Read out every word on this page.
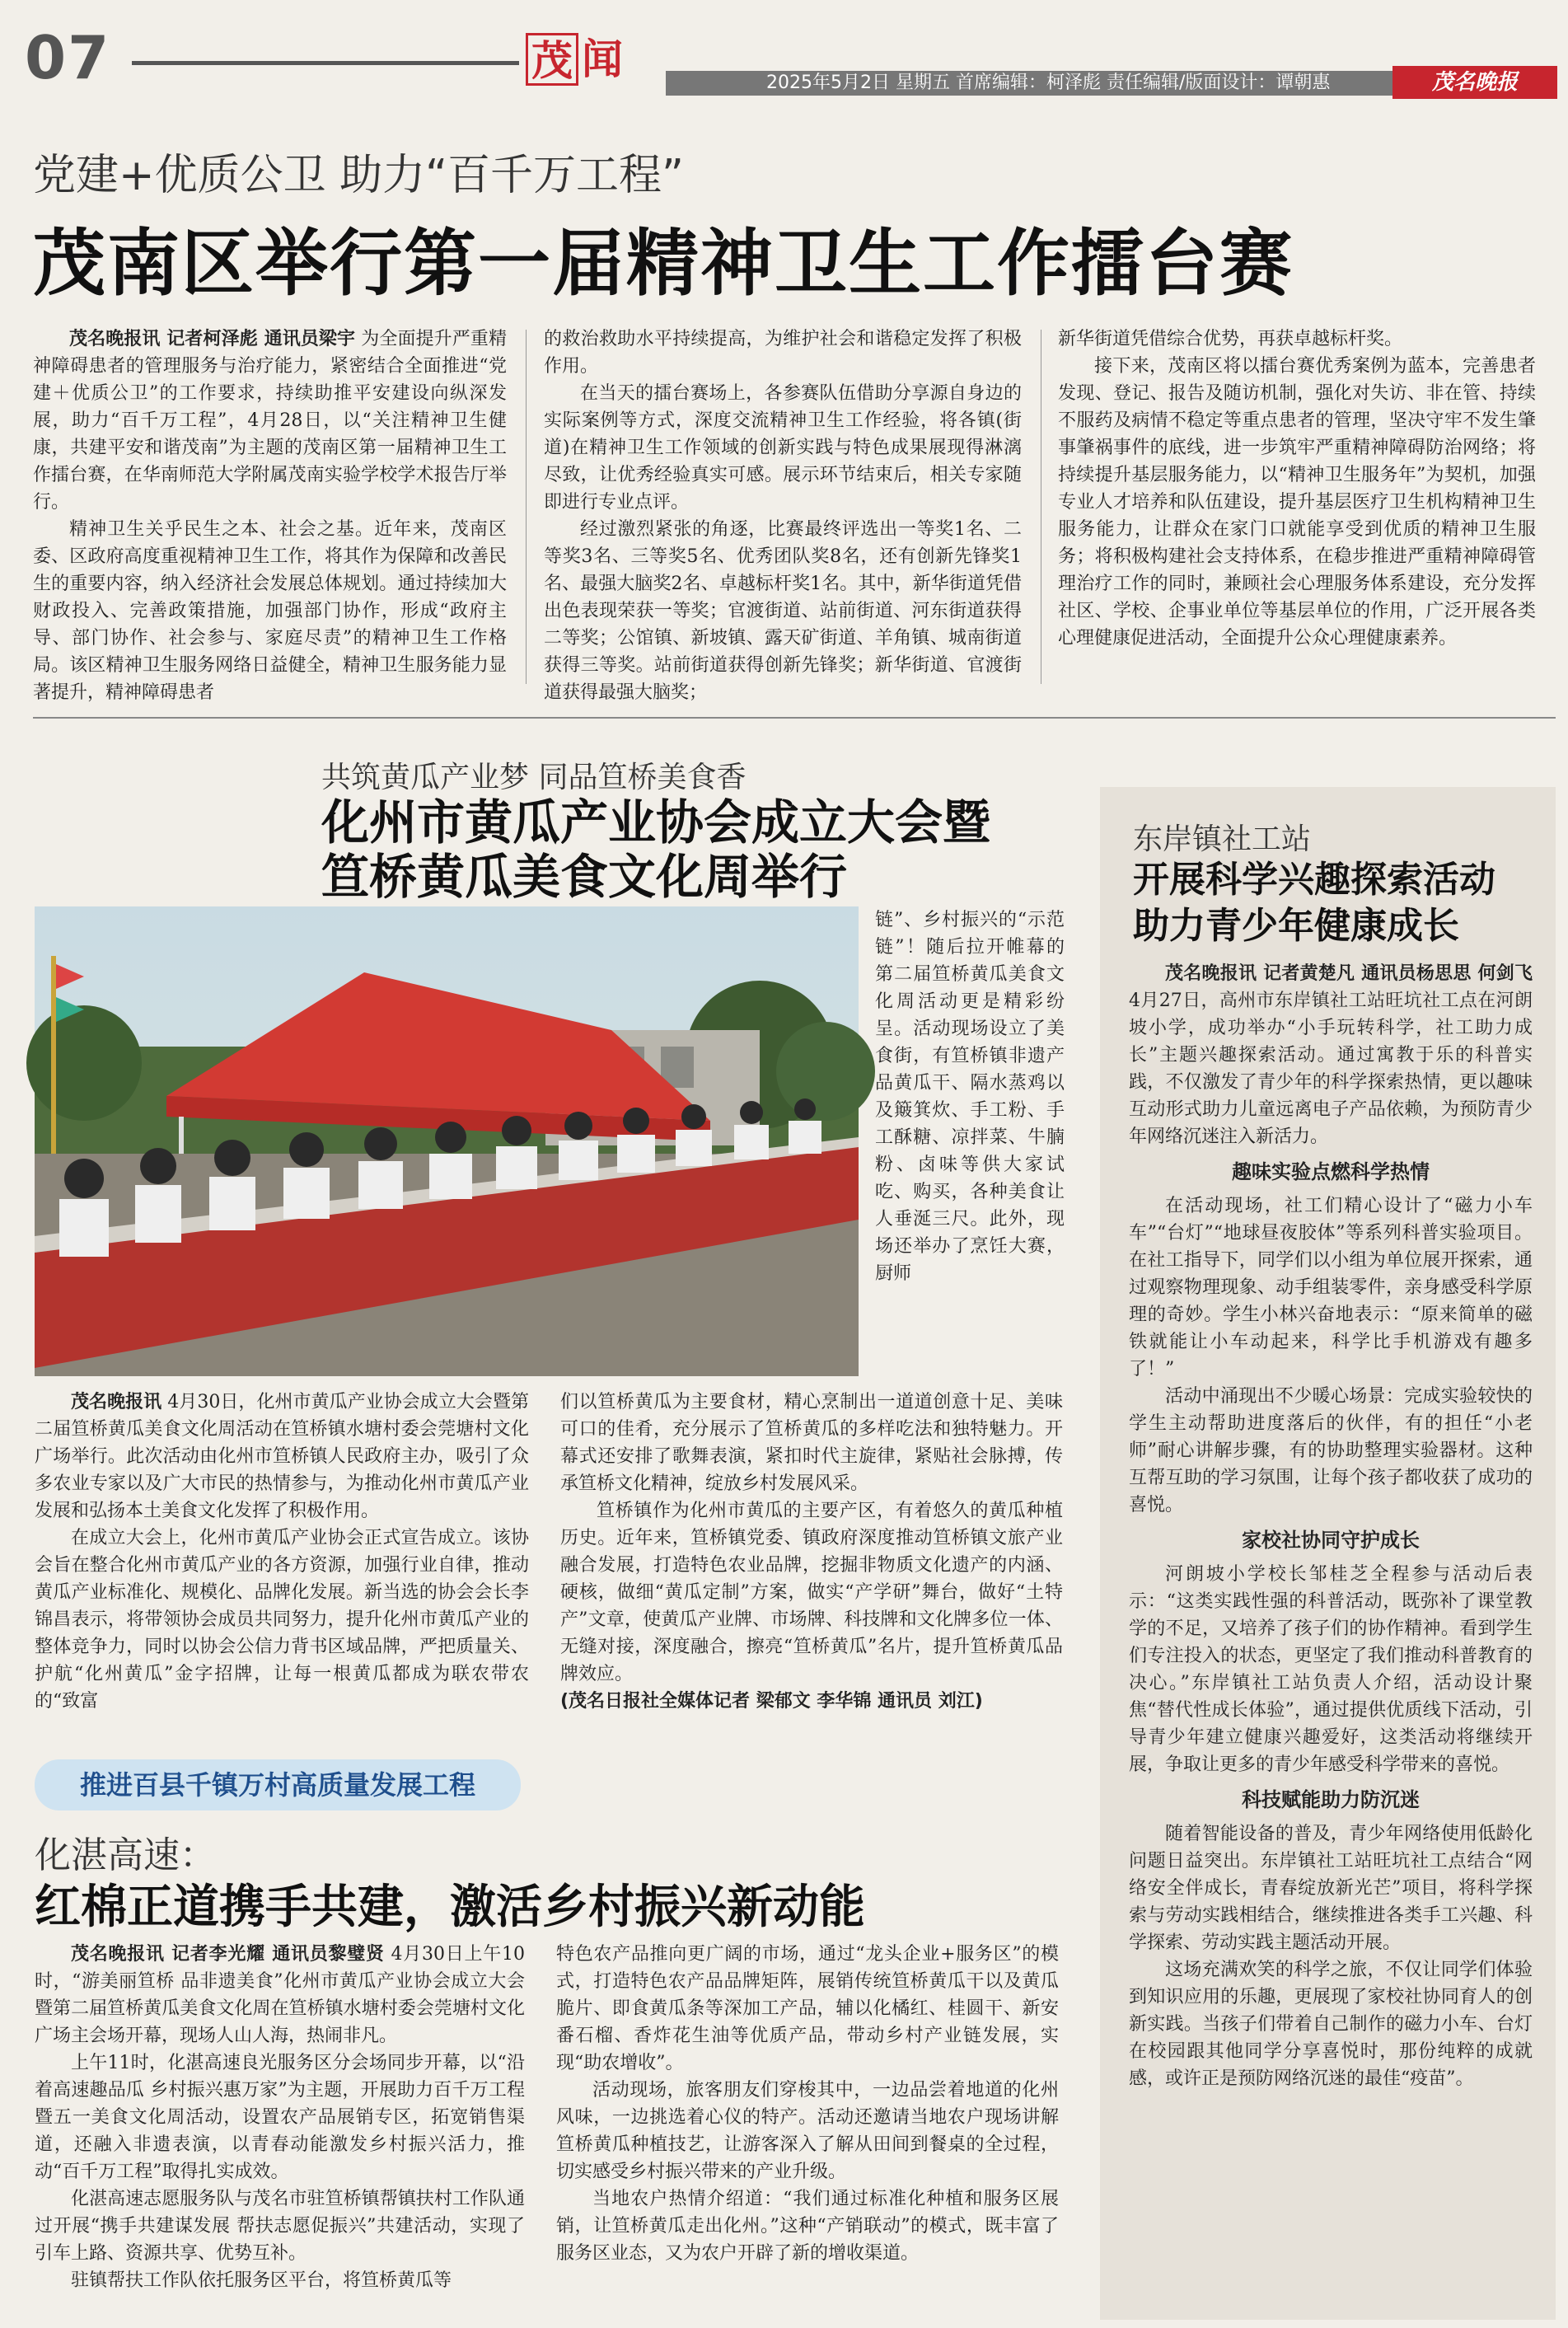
07	茂 闻	2025年5月2日 星期五 首席编辑：柯泽彪 责任编辑/版面设计：谭朝惠	茂名晚报
党建+优质公卫 助力“百千万工程”
茂南区举行第一届精神卫生工作擂台赛

茂名晚报讯 记者柯泽彪 通讯员梁宇 为全面提升严重精神障碍患者的管理服务与治疗能力，紧密结合全面推进“党建＋优质公卫”的工作要求，持续助推平安建设向纵深发展，助力“百千万工程”，4月28日，以“关注精神卫生健康，共建平安和谐茂南”为主题的茂南区第一届精神卫生工作擂台赛，在华南师范大学附属茂南实验学校学术报告厅举行。

精神卫生关乎民生之本、社会之基。近年来，茂南区委、区政府高度重视精神卫生工作，将其作为保障和改善民生的重要内容，纳入经济社会发展总体规划。通过持续加大财政投入、完善政策措施，加强部门协作，形成“政府主导、部门协作、社会参与、家庭尽责”的精神卫生工作格局。该区精神卫生服务网络日益健全，精神卫生服务能力显著提升，精神障碍患者

的救治救助水平持续提高，为维护社会和谐稳定发挥了积极作用。

在当天的擂台赛场上，各参赛队伍借助分享源自身边的实际案例等方式，深度交流精神卫生工作经验，将各镇(街道)在精神卫生工作领域的创新实践与特色成果展现得淋漓尽致，让优秀经验真实可感。展示环节结束后，相关专家随即进行专业点评。

经过激烈紧张的角逐，比赛最终评选出一等奖1名、二等奖3名、三等奖5名、优秀团队奖8名，还有创新先锋奖1名、最强大脑奖2名、卓越标杆奖1名。其中，新华街道凭借出色表现荣获一等奖；官渡街道、站前街道、河东街道获得二等奖；公馆镇、新坡镇、露天矿街道、羊角镇、城南街道获得三等奖。站前街道获得创新先锋奖；新华街道、官渡街道获得最强大脑奖；

新华街道凭借综合优势，再获卓越标杆奖。

接下来，茂南区将以擂台赛优秀案例为蓝本，完善患者发现、登记、报告及随访机制，强化对失访、非在管、持续不服药及病情不稳定等重点患者的管理，坚决守牢不发生肇事肇祸事件的底线，进一步筑牢严重精神障碍防治网络；将持续提升基层服务能力，以“精神卫生服务年”为契机，加强专业人才培养和队伍建设，提升基层医疗卫生机构精神卫生服务能力，让群众在家门口就能享受到优质的精神卫生服务；将积极构建社会支持体系，在稳步推进严重精神障碍管理治疗工作的同时，兼顾社会心理服务体系建设，充分发挥社区、学校、企事业单位等基层单位的作用，广泛开展各类心理健康促进活动，全面提升公众心理健康素养。

共筑黄瓜产业梦 同品笪桥美食香
化州市黄瓜产业协会成立大会暨
笪桥黄瓜美食文化周举行

链”、乡村振兴的“示范链”！随后拉开帷幕的第二届笪桥黄瓜美食文化周活动更是精彩纷呈。活动现场设立了美食街，有笪桥镇非遗产品黄瓜干、隔水蒸鸡以及簸箕炊、手工粉、手工酥糖、凉拌菜、牛腩粉、卤味等供大家试吃、购买，各种美食让人垂涎三尺。此外，现场还举办了烹饪大赛，厨师

茂名晚报讯 4月30日，化州市黄瓜产业协会成立大会暨第二届笪桥黄瓜美食文化周活动在笪桥镇水塘村委会莞塘村文化广场举行。此次活动由化州市笪桥镇人民政府主办，吸引了众多农业专家以及广大市民的热情参与，为推动化州市黄瓜产业发展和弘扬本土美食文化发挥了积极作用。

在成立大会上，化州市黄瓜产业协会正式宣告成立。该协会旨在整合化州市黄瓜产业的各方资源，加强行业自律，推动黄瓜产业标准化、规模化、品牌化发展。新当选的协会会长李锦昌表示，将带领协会成员共同努力，提升化州市黄瓜产业的整体竞争力，同时以协会公信力背书区域品牌，严把质量关、护航“化州黄瓜”金字招牌，让每一根黄瓜都成为联农带农的“致富

们以笪桥黄瓜为主要食材，精心烹制出一道道创意十足、美味可口的佳肴，充分展示了笪桥黄瓜的多样吃法和独特魅力。开幕式还安排了歌舞表演，紧扣时代主旋律，紧贴社会脉搏，传承笪桥文化精神，绽放乡村发展风采。

笪桥镇作为化州市黄瓜的主要产区，有着悠久的黄瓜种植历史。近年来，笪桥镇党委、镇政府深度推动笪桥镇文旅产业融合发展，打造特色农业品牌，挖掘非物质文化遗产的内涵、硬核，做细“黄瓜定制”方案，做实“产学研”舞台，做好“土特产”文章，使黄瓜产业牌、市场牌、科技牌和文化牌多位一体、无缝对接，深度融合，擦亮“笪桥黄瓜”名片，提升笪桥黄瓜品牌效应。

(茂名日报社全媒体记者 梁郁文 李华锦 通讯员 刘江)

东岸镇社工站
开展科学兴趣探索活动
助力青少年健康成长

茂名晚报讯 记者黄楚凡 通讯员杨思思 何剑飞 4月27日，高州市东岸镇社工站旺坑社工点在河朗坡小学，成功举办“小手玩转科学，社工助力成长”主题兴趣探索活动。通过寓教于乐的科普实践，不仅激发了青少年的科学探索热情，更以趣味互动形式助力儿童远离电子产品依赖，为预防青少年网络沉迷注入新活力。

趣味实验点燃科学热情

在活动现场，社工们精心设计了“磁力小车车”“台灯”“地球昼夜胶体”等系列科普实验项目。在社工指导下，同学们以小组为单位展开探索，通过观察物理现象、动手组装零件，亲身感受科学原理的奇妙。学生小林兴奋地表示：“原来简单的磁铁就能让小车动起来，科学比手机游戏有趣多了！”

活动中涌现出不少暖心场景：完成实验较快的学生主动帮助进度落后的伙伴，有的担任“小老师”耐心讲解步骤，有的协助整理实验器材。这种互帮互助的学习氛围，让每个孩子都收获了成功的喜悦。

家校社协同守护成长

河朗坡小学校长邹桂芝全程参与活动后表示：“这类实践性强的科普活动，既弥补了课堂教学的不足，又培养了孩子们的协作精神。看到学生们专注投入的状态，更坚定了我们推动科普教育的决心。”东岸镇社工站负责人介绍，活动设计聚焦“替代性成长体验”，通过提供优质线下活动，引导青少年建立健康兴趣爱好，这类活动将继续开展，争取让更多的青少年感受科学带来的喜悦。

科技赋能助力防沉迷

随着智能设备的普及，青少年网络使用低龄化问题日益突出。东岸镇社工站旺坑社工点结合“网络安全伴成长，青春绽放新光芒”项目，将科学探索与劳动实践相结合，继续推进各类手工兴趣、科学探索、劳动实践主题活动开展。

这场充满欢笑的科学之旅，不仅让同学们体验到知识应用的乐趣，更展现了家校社协同育人的创新实践。当孩子们带着自己制作的磁力小车、台灯在校园跟其他同学分享喜悦时，那份纯粹的成就感，或许正是预防网络沉迷的最佳“疫苗”。

推进百县千镇万村高质量发展工程
化湛高速：
红棉正道携手共建，激活乡村振兴新动能

茂名晚报讯 记者李光耀 通讯员黎璧贤 4月30日上午10时，“游美丽笪桥 品非遗美食”化州市黄瓜产业协会成立大会暨第二届笪桥黄瓜美食文化周在笪桥镇水塘村委会莞塘村文化广场主会场开幕，现场人山人海，热闹非凡。

上午11时，化湛高速良光服务区分会场同步开幕，以“沿着高速趣品瓜 乡村振兴惠万家”为主题，开展助力百千万工程暨五一美食文化周活动，设置农产品展销专区，拓宽销售渠道，还融入非遗表演，以青春动能激发乡村振兴活力，推动“百千万工程”取得扎实成效。

化湛高速志愿服务队与茂名市驻笪桥镇帮镇扶村工作队通过开展“携手共建谋发展 帮扶志愿促振兴”共建活动，实现了引车上路、资源共享、优势互补。

驻镇帮扶工作队依托服务区平台，将笪桥黄瓜等

特色农产品推向更广阔的市场，通过“龙头企业+服务区”的模式，打造特色农产品品牌矩阵，展销传统笪桥黄瓜干以及黄瓜脆片、即食黄瓜条等深加工产品，辅以化橘红、桂圆干、新安番石榴、香炸花生油等优质产品，带动乡村产业链发展，实现“助农增收”。

活动现场，旅客朋友们穿梭其中，一边品尝着地道的化州风味，一边挑选着心仪的特产。活动还邀请当地农户现场讲解笪桥黄瓜种植技艺，让游客深入了解从田间到餐桌的全过程，切实感受乡村振兴带来的产业升级。

当地农户热情介绍道：“我们通过标准化种植和服务区展销，让笪桥黄瓜走出化州。”这种“产销联动”的模式，既丰富了服务区业态，又为农户开辟了新的增收渠道。
